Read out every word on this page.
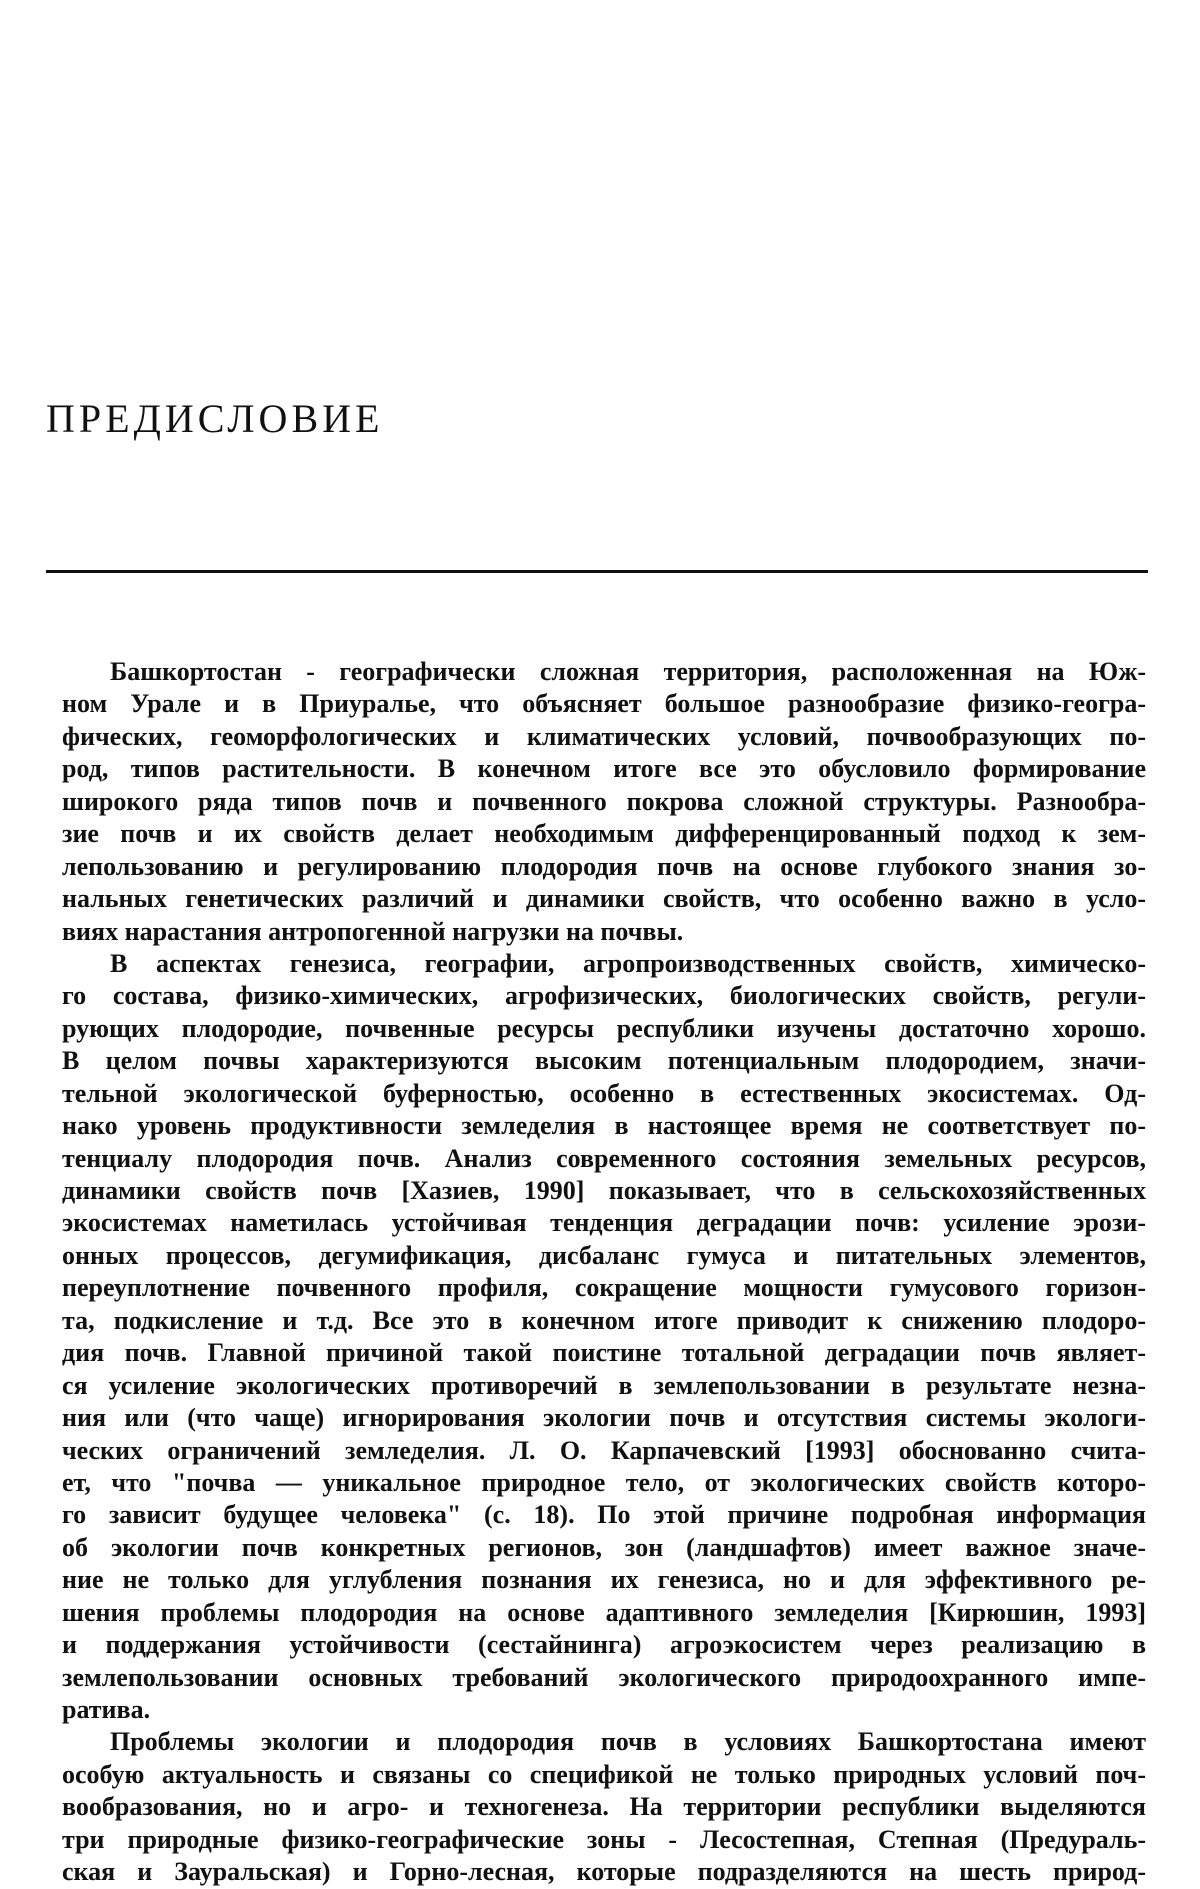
ПРЕДИСЛОВИЕ
Башкортостан - географически сложная территория, расположенная на Юж-
ном Урале и в Приуралье, что объясняет большое разнообразие физико-геогра-
фических, геоморфологических и климатических условий, почвообразующих по-
род, типов растительности. В конечном итоге все это обусловило формирование
широкого ряда типов почв и почвенного покрова сложной структуры. Разнообра-
зие почв и их свойств делает необходимым дифференцированный подход к зем-
лепользованию и регулированию плодородия почв на основе глубокого знания зо-
нальных генетических различий и динамики свойств, что особенно важно в усло-
виях нарастания антропогенной нагрузки на почвы.
В аспектах генезиса, географии, агропроизводственных свойств, химическо-
го состава, физико-химических, агрофизических, биологических свойств, регули-
рующих плодородие, почвенные ресурсы республики изучены достаточно хорошо.
В целом почвы характеризуются высоким потенциальным плодородием, значи-
тельной экологической буферностью, особенно в естественных экосистемах. Од-
нако уровень продуктивности земледелия в настоящее время не соответствует по-
тенциалу плодородия почв. Анализ современного состояния земельных ресурсов,
динамики свойств почв [Хазиев, 1990] показывает, что в сельскохозяйственных
экосистемах наметилась устойчивая тенденция деградации почв: усиление эрози-
онных процессов, дегумификация, дисбаланс гумуса и питательных элементов,
переуплотнение почвенного профиля, сокращение мощности гумусового горизон-
та, подкисление и т.д. Все это в конечном итоге приводит к снижению плодоро-
дия почв. Главной причиной такой поистине тотальной деградации почв являет-
ся усиление экологических противоречий в землепользовании в результате незна-
ния или (что чаще) игнорирования экологии почв и отсутствия системы экологи-
ческих ограничений земледелия. Л. О. Карпачевский [1993] обоснованно счита-
ет, что "почва — уникальное природное тело, от экологических свойств которо-
го зависит будущее человека" (с. 18). По этой причине подробная информация
об экологии почв конкретных регионов, зон (ландшафтов) имеет важное значе-
ние не только для углубления познания их генезиса, но и для эффективного ре-
шения проблемы плодородия на основе адаптивного земледелия [Кирюшин, 1993]
и поддержания устойчивости (сестайнинга) агроэкосистем через реализацию в
землепользовании основных требований экологического природоохранного импе-
ратива.
Проблемы экологии и плодородия почв в условиях Башкортостана имеют
особую актуальность и связаны со спецификой не только природных условий поч-
вообразования, но и агро- и техногенеза. На территории республики выделяются
три природные физико-географические зоны - Лесостепная, Степная (Предураль-
ская и Зауральская) и Горно-лесная, которые подразделяются на шесть природ-
